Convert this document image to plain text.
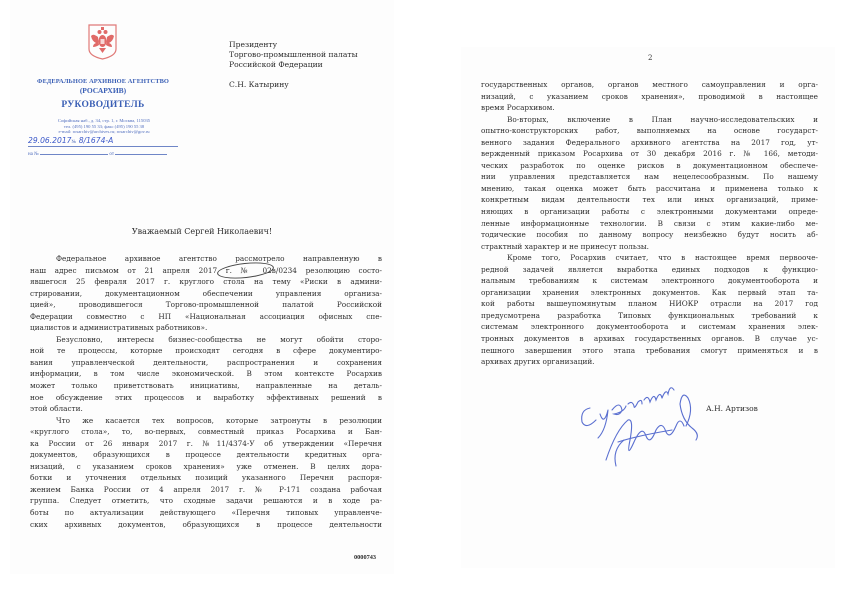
ФЕДЕРАЛЬНОЕ АРХИВНОЕ АГЕНТСТВО
(РОСАРХИВ)
РУКОВОДИТЕЛЬ
Софийская наб., д. 34, стр. 1, г. Москва, 115035
тел. (495) 190 55 33; факс (495) 190 55 38
e-mail: rosarchiv@archives.ru; rosarchiv@gov.ru
29.06.2017№ 8/1674-А
на №	от
Президенту
Торгово-промышленной палаты
Российской Федерации
С.Н. Катырину
Уважаемый Сергей Николаевич!
Федеральное архивное агентство рассмотрело направленную в
наш адрес письмом от 21 апреля 2017 г. № 02в/0234 резолюцию состо-
явшегося 25 февраля 2017 г. круглого стола на тему «Риски в админи-
стрировании, документационном обеспечении управления организа-
цией», проводившегося Торгово-промышленной палатой Российской
Федерации совместно с НП «Национальная ассоциация офисных спе-
циалистов и административных работников».
Безусловно, интересы бизнес-сообщества не могут обойти сторо-
ной те процессы, которые происходят сегодня в сфере документиро-
вания управленческой деятельности, распространения и сохранения
информации, в том числе экономической. В этом контексте Росархив
может только приветствовать инициативы, направленные на деталь-
ное обсуждение этих процессов и выработку эффективных решений в
этой области.
Что же касается тех вопросов, которые затронуты в резолюции
«круглого стола», то, во-первых, совместный приказ Росархива и Бан-
ка России от 26 января 2017 г. №11/4374-У об утверждении «Перечня
документов, образующихся в процессе деятельности кредитных орга-
низаций, с указанием сроков хранения» уже отменен. В целях дора-
ботки и уточнения отдельных позиций указанного Перечня распоря-
жением Банка России от 4 апреля 2017 г. № Р-171 создана рабочая
группа. Следует отметить, что сходные задачи решаются и в ходе ра-
боты по актуализации действующего «Перечня типовых управленче-
ских архивных документов, образующихся в процессе деятельности
0000743
2
государственных органов, органов местного самоуправления и орга-
низаций, с указанием сроков хранения», проводимой в настоящее
время Росархивом.
Во-вторых, включение в План научно-исследовательских и
опытно-конструкторских работ, выполняемых на основе государст-
венного задания Федерального архивного агентства на 2017 год, ут-
вержденный приказом Росархива от 30 декабря 2016 г. № 166, методи-
ческих разработок по оценке рисков в документационном обеспече-
нии управления представляется нам нецелесообразным. По нашему
мнению, такая оценка может быть рассчитана и применена только к
конкретным видам деятельности тех или иных организаций, приме-
няющих в организации работы с электронными документами опреде-
ленные информационные технологии. В связи с этим какие-либо ме-
тодические пособия по данному вопросу неизбежно будут носить аб-
страктный характер и не принесут пользы.
Кроме того, Росархив считает, что в настоящее время первооче-
редной задачей является выработка единых подходов к функцио-
нальным требованиям к системам электронного документооборота и
организации хранения электронных документов. Как первый этап та-
кой работы вышеупомянутым планом НИОКР отрасли на 2017 год
предусмотрена разработка Типовых функциональных требований к
системам электронного документооборота и системам хранения элек-
тронных документов в архивах государственных органов. В случае ус-
пешного завершения этого этапа требования смогут применяться и в
архивах других организаций.
А.Н. Артизов
